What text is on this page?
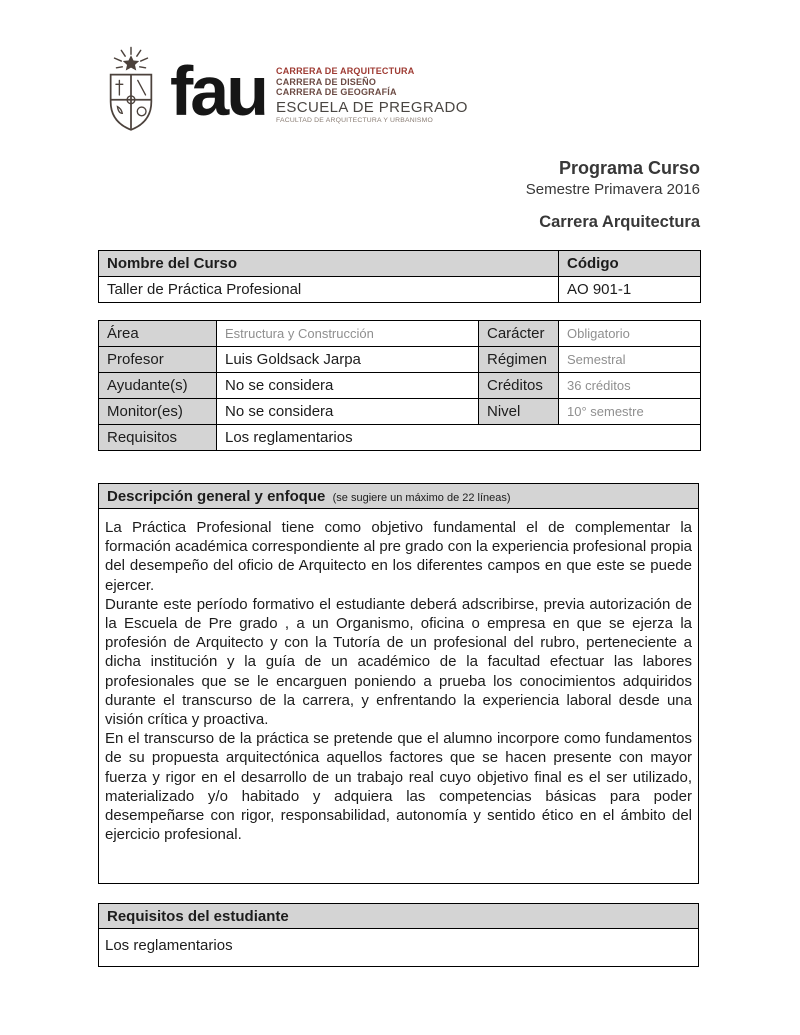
fau CARRERA DE ARQUITECTURA
CARRERA DE DISEÑO
CARRERA DE GEOGRAFÍA
ESCUELA DE PREGRADO
FACULTAD DE ARQUITECTURA Y URBANISMO
Programa Curso
Semestre Primavera 2016
Carrera Arquitectura
Nombre del Curso	Código
Taller de Práctica Profesional	AO 901-1
Área	Estructura y Construcción	Carácter	Obligatorio
Profesor	Luis Goldsack Jarpa	Régimen	Semestral
Ayudante(s)	No se considera	Créditos	36 créditos
Monitor(es)	No se considera	Nivel	10° semestre
Requisitos	Los reglamentarios		
Descripción general y enfoque (se sugiere un máximo de 22 líneas)

La Práctica Profesional tiene como objetivo fundamental el de complementar la formación académica correspondiente al pre grado con la experiencia profesional propia del desempeño del oficio de Arquitecto en los diferentes campos en que este se puede ejercer.

Durante este período formativo el estudiante deberá adscribirse, previa autorización de la Escuela de Pre grado , a un Organismo, oficina o empresa en que se ejerza la profesión de Arquitecto y con la Tutoría de un profesional del rubro, perteneciente a dicha institución y la guía de un académico de la facultad efectuar las labores profesionales que se le encarguen poniendo a prueba los conocimientos adquiridos durante el transcurso de la carrera, y enfrentando la experiencia laboral desde una visión crítica y proactiva.

En el transcurso de la práctica se pretende que el alumno incorpore como fundamentos de su propuesta arquitectónica aquellos factores que se hacen presente con mayor fuerza y rigor en el desarrollo de un trabajo real cuyo objetivo final es el ser utilizado, materializado y/o habitado y adquiera las competencias básicas para poder desempeñarse con rigor, responsabilidad, autonomía y sentido ético en el ámbito del ejercicio profesional.

Requisitos del estudiante
Los reglamentarios
